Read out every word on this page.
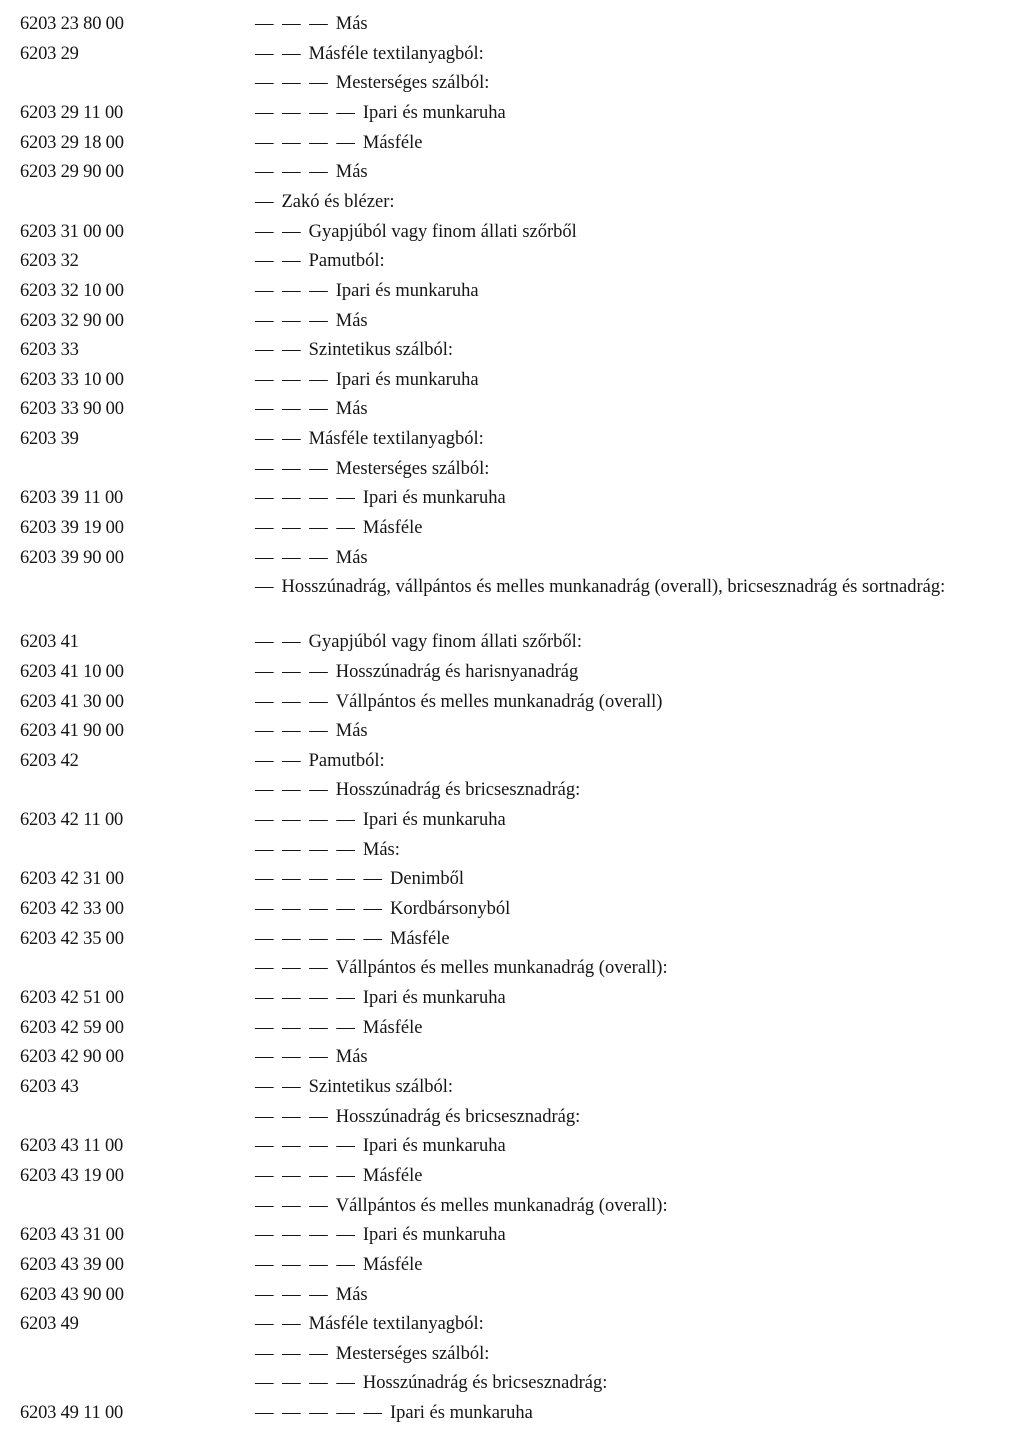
6203 23 80 00	— — — Más
6203 29	— — Másféle textilanyagból:
— — — Mesterséges szálból:
6203 29 11 00	— — — — Ipari és munkaruha
6203 29 18 00	— — — — Másféle
6203 29 90 00	— — — Más
— Zakó és blézer:
6203 31 00 00	— — Gyapjúból vagy finom állati szőrből
6203 32	— — Pamutból:
6203 32 10 00	— — — Ipari és munkaruha
6203 32 90 00	— — — Más
6203 33	— — Szintetikus szálból:
6203 33 10 00	— — — Ipari és munkaruha
6203 33 90 00	— — — Más
6203 39	— — Másféle textilanyagból:
— — — Mesterséges szálból:
6203 39 11 00	— — — — Ipari és munkaruha
6203 39 19 00	— — — — Másféle
6203 39 90 00	— — — Más
— Hosszúnadrág, vállpántos és melles munkanadrág (overall), bricsesznadrág és sortnadrág:
6203 41	— — Gyapjúból vagy finom állati szőrből:
6203 41 10 00	— — — Hosszúnadrág és harisnyanadrág
6203 41 30 00	— — — Vállpántos és melles munkanadrág (overall)
6203 41 90 00	— — — Más
6203 42	— — Pamutból:
— — — Hosszúnadrág és bricsesznadrág:
6203 42 11 00	— — — — Ipari és munkaruha
— — — — Más:
6203 42 31 00	— — — — — Denimből
6203 42 33 00	— — — — — Kordbársonyból
6203 42 35 00	— — — — — Másféle
— — — Vállpántos és melles munkanadrág (overall):
6203 42 51 00	— — — — Ipari és munkaruha
6203 42 59 00	— — — — Másféle
6203 42 90 00	— — — Más
6203 43	— — Szintetikus szálból:
— — — Hosszúnadrág és bricsesznadrág:
6203 43 11 00	— — — — Ipari és munkaruha
6203 43 19 00	— — — — Másféle
— — — Vállpántos és melles munkanadrág (overall):
6203 43 31 00	— — — — Ipari és munkaruha
6203 43 39 00	— — — — Másféle
6203 43 90 00	— — — Más
6203 49	— — Másféle textilanyagból:
— — — Mesterséges szálból:
— — — — Hosszúnadrág és bricsesznadrág:
6203 49 11 00	— — — — — Ipari és munkaruha
